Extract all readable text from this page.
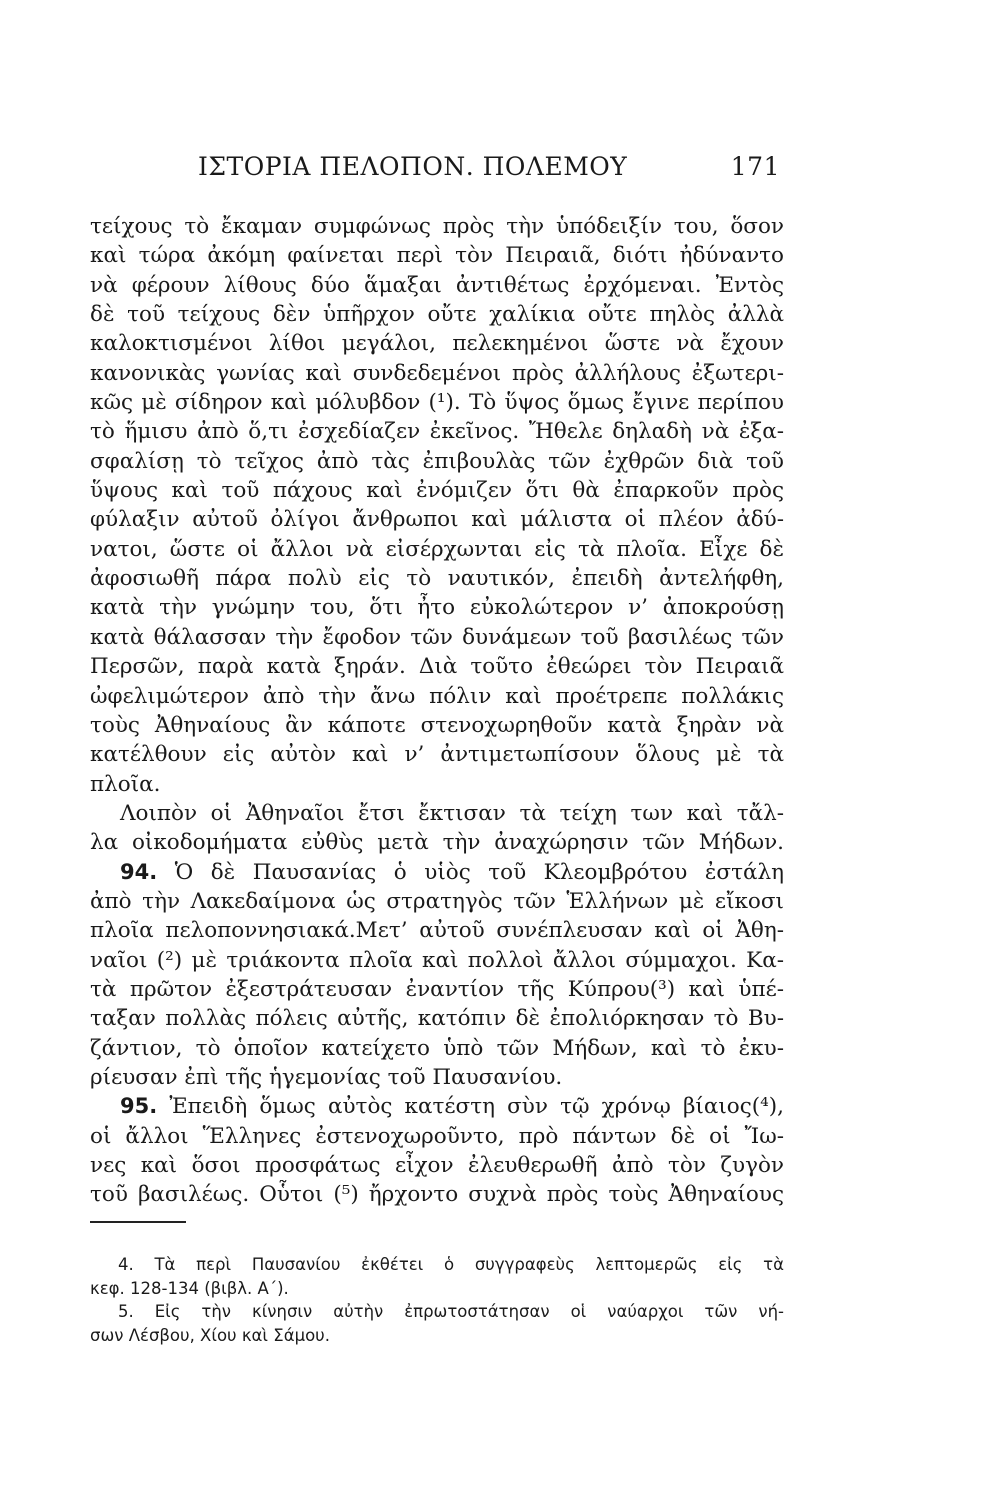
ΙΣΤΟΡΙΑ ΠΕΛΟΠΟΝ. ΠΟΛΕΜΟΥ	171
τείχους τὸ ἔκαμαν συμφώνως πρὸς τὴν ὑπόδειξίν του, ὅσον
καὶ τώρα ἀκόμη φαίνεται περὶ τὸν Πειραιᾶ, διότι ἠδύναντο
νὰ φέρουν λίθους δύο ἅμαξαι ἀντιθέτως ἐρχόμεναι. Ἐντὸς
δὲ τοῦ τείχους δὲν ὑπῆρχον οὔτε χαλίκια οὔτε πηλὸς ἀλλὰ
καλοκτισμένοι λίθοι μεγάλοι, πελεκημένοι ὥστε νὰ ἔχουν
κανονικὰς γωνίας καὶ συνδεδεμένοι πρὸς ἀλλήλους ἐξωτερι-
κῶς μὲ σίδηρον καὶ μόλυβδον (¹). Τὸ ὕψος ὅμως ἔγινε περίπου
τὸ ἥμισυ ἀπὸ ὅ,τι ἐσχεδίαζεν ἐκεῖνος. Ἤθελε δηλαδὴ νὰ ἐξα-
σφαλίσῃ τὸ τεῖχος ἀπὸ τὰς ἐπιβουλὰς τῶν ἐχθρῶν διὰ τοῦ
ὕψους καὶ τοῦ πάχους καὶ ἐνόμιζεν ὅτι θὰ ἐπαρκοῦν πρὸς
φύλαξιν αὐτοῦ ὀλίγοι ἄνθρωποι καὶ μάλιστα οἱ πλέον ἀδύ-
νατοι, ὥστε οἱ ἄλλοι νὰ εἰσέρχωνται εἰς τὰ πλοῖα. Εἶχε δὲ
ἀφοσιωθῆ πάρα πολὺ εἰς τὸ ναυτικόν, ἐπειδὴ ἀντελήφθη,
κατὰ τὴν γνώμην του, ὅτι ἦτο εὐκολώτερον ν’ ἀποκρούσῃ
κατὰ θάλασσαν τὴν ἔφοδον τῶν δυνάμεων τοῦ βασιλέως τῶν
Περσῶν, παρὰ κατὰ ξηράν. Διὰ τοῦτο ἐθεώρει τὸν Πειραιᾶ
ὠφελιμώτερον ἀπὸ τὴν ἄνω πόλιν καὶ προέτρεπε πολλάκις
τοὺς Ἀθηναίους ἂν κάποτε στενοχωρηθοῦν κατὰ ξηρὰν νὰ
κατέλθουν εἰς αὐτὸν καὶ ν’ ἀντιμετωπίσουν ὅλους μὲ τὰ
πλοῖα.
Λοιπὸν οἱ Ἀθηναῖοι ἔτσι ἔκτισαν τὰ τείχη των καὶ τἄλ-
λα οἰκοδομήματα εὐθὺς μετὰ τὴν ἀναχώρησιν τῶν Μήδων.
94. Ὁ δὲ Παυσανίας ὁ υἱὸς τοῦ Κλεομβρότου ἐστάλη
ἀπὸ τὴν Λακεδαίμονα ὡς στρατηγὸς τῶν Ἑλλήνων μὲ εἴκοσι
πλοῖα πελοποννησιακά.Μετ’ αὐτοῦ συνέπλευσαν καὶ οἱ Ἀθη-
ναῖοι (²) μὲ τριάκοντα πλοῖα καὶ πολλοὶ ἄλλοι σύμμαχοι. Κα-
τὰ πρῶτον ἐξεστράτευσαν ἐναντίον τῆς Κύπρου(³) καὶ ὑπέ-
ταξαν πολλὰς πόλεις αὐτῆς, κατόπιν δὲ ἐπολιόρκησαν τὸ Βυ-
ζάντιον, τὸ ὁποῖον κατείχετο ὑπὸ τῶν Μήδων, καὶ τὸ ἐκυ-
ρίευσαν ἐπὶ τῆς ἡγεμονίας τοῦ Παυσανίου.
95. Ἐπειδὴ ὅμως αὐτὸς κατέστη σὺν τῷ χρόνῳ βίαιος(⁴),
οἱ ἄλλοι Ἕλληνες ἐστενοχωροῦντο, πρὸ πάντων δὲ οἱ Ἴω-
νες καὶ ὅσοι προσφάτως εἶχον ἐλευθερωθῆ ἀπὸ τὸν ζυγὸν
τοῦ βασιλέως. Οὗτοι (⁵) ἤρχοντο συχνὰ πρὸς τοὺς Ἀθηναίους
4. Τὰ περὶ Παυσανίου ἐκθέτει ὁ συγγραφεὺς λεπτομερῶς εἰς τὰ
κεφ. 128-134 (βιβλ. Α΄).
5. Εἰς τὴν κίνησιν αὐτὴν ἐπρωτοστάτησαν οἱ ναύαρχοι τῶν νή-
σων Λέσβου, Χίου καὶ Σάμου.
